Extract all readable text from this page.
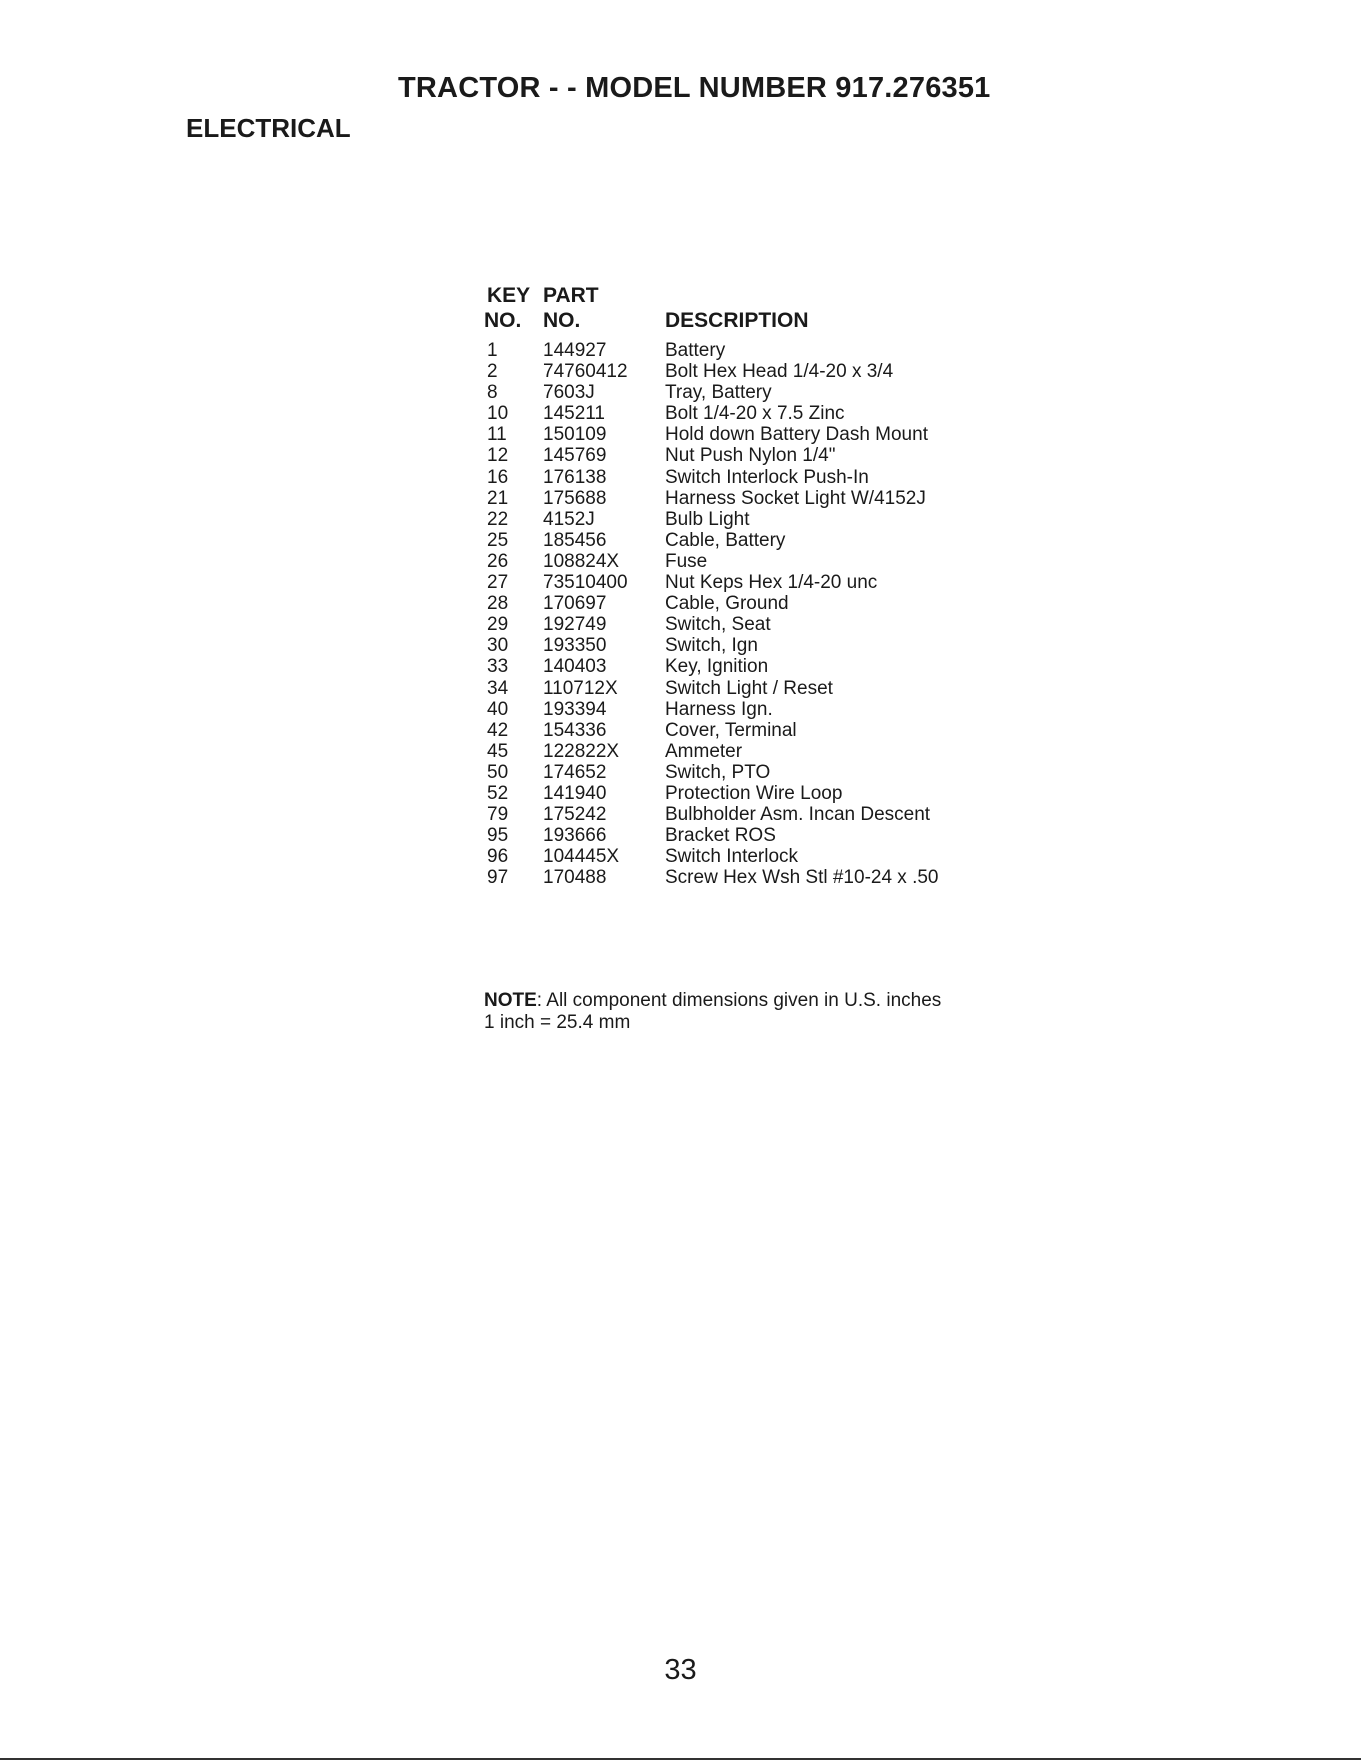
TRACTOR - - MODEL NUMBER 917.276351
ELECTRICAL
KEY
NO.
PART
NO.	DESCRIPTION
1 144927	Battery
2 74760412 Bolt Hex Head 1/4-20 x 3/4
8 7603J	Tray, Battery
10 145211	Bolt 1/4-20 x 7.5 Zinc
11 150109	Hold down Battery Dash Mount
12 145769	Nut Push Nylon 1/4"
16 176138	Switch Interlock Push-In
21 175688	Harness Socket Light W/4152J
22 4152J	Bulb Light
25 185456	Cable, Battery
26 108824X Fuse
27 73510400 Nut Keps Hex 1/4-20 unc
28 170697	Cable, Ground
29 192749	Switch, Seat
30 193350	Switch, Ign
33 140403	Key, Ignition
34 110712X Switch Light / Reset
40 193394	Harness Ign.
42 154336	Cover, Terminal
45 122822X Ammeter
50 174652	Switch, PTO
52 141940	Protection Wire Loop
79 175242	Bulbholder Asm. Incan Descent
95 193666	Bracket ROS
96 104445X Switch Interlock
97 170488	Screw Hex Wsh Stl #10-24 x .50
NOTE: All component dimensions given in U.S. inches
1 inch = 25.4 mm
33
